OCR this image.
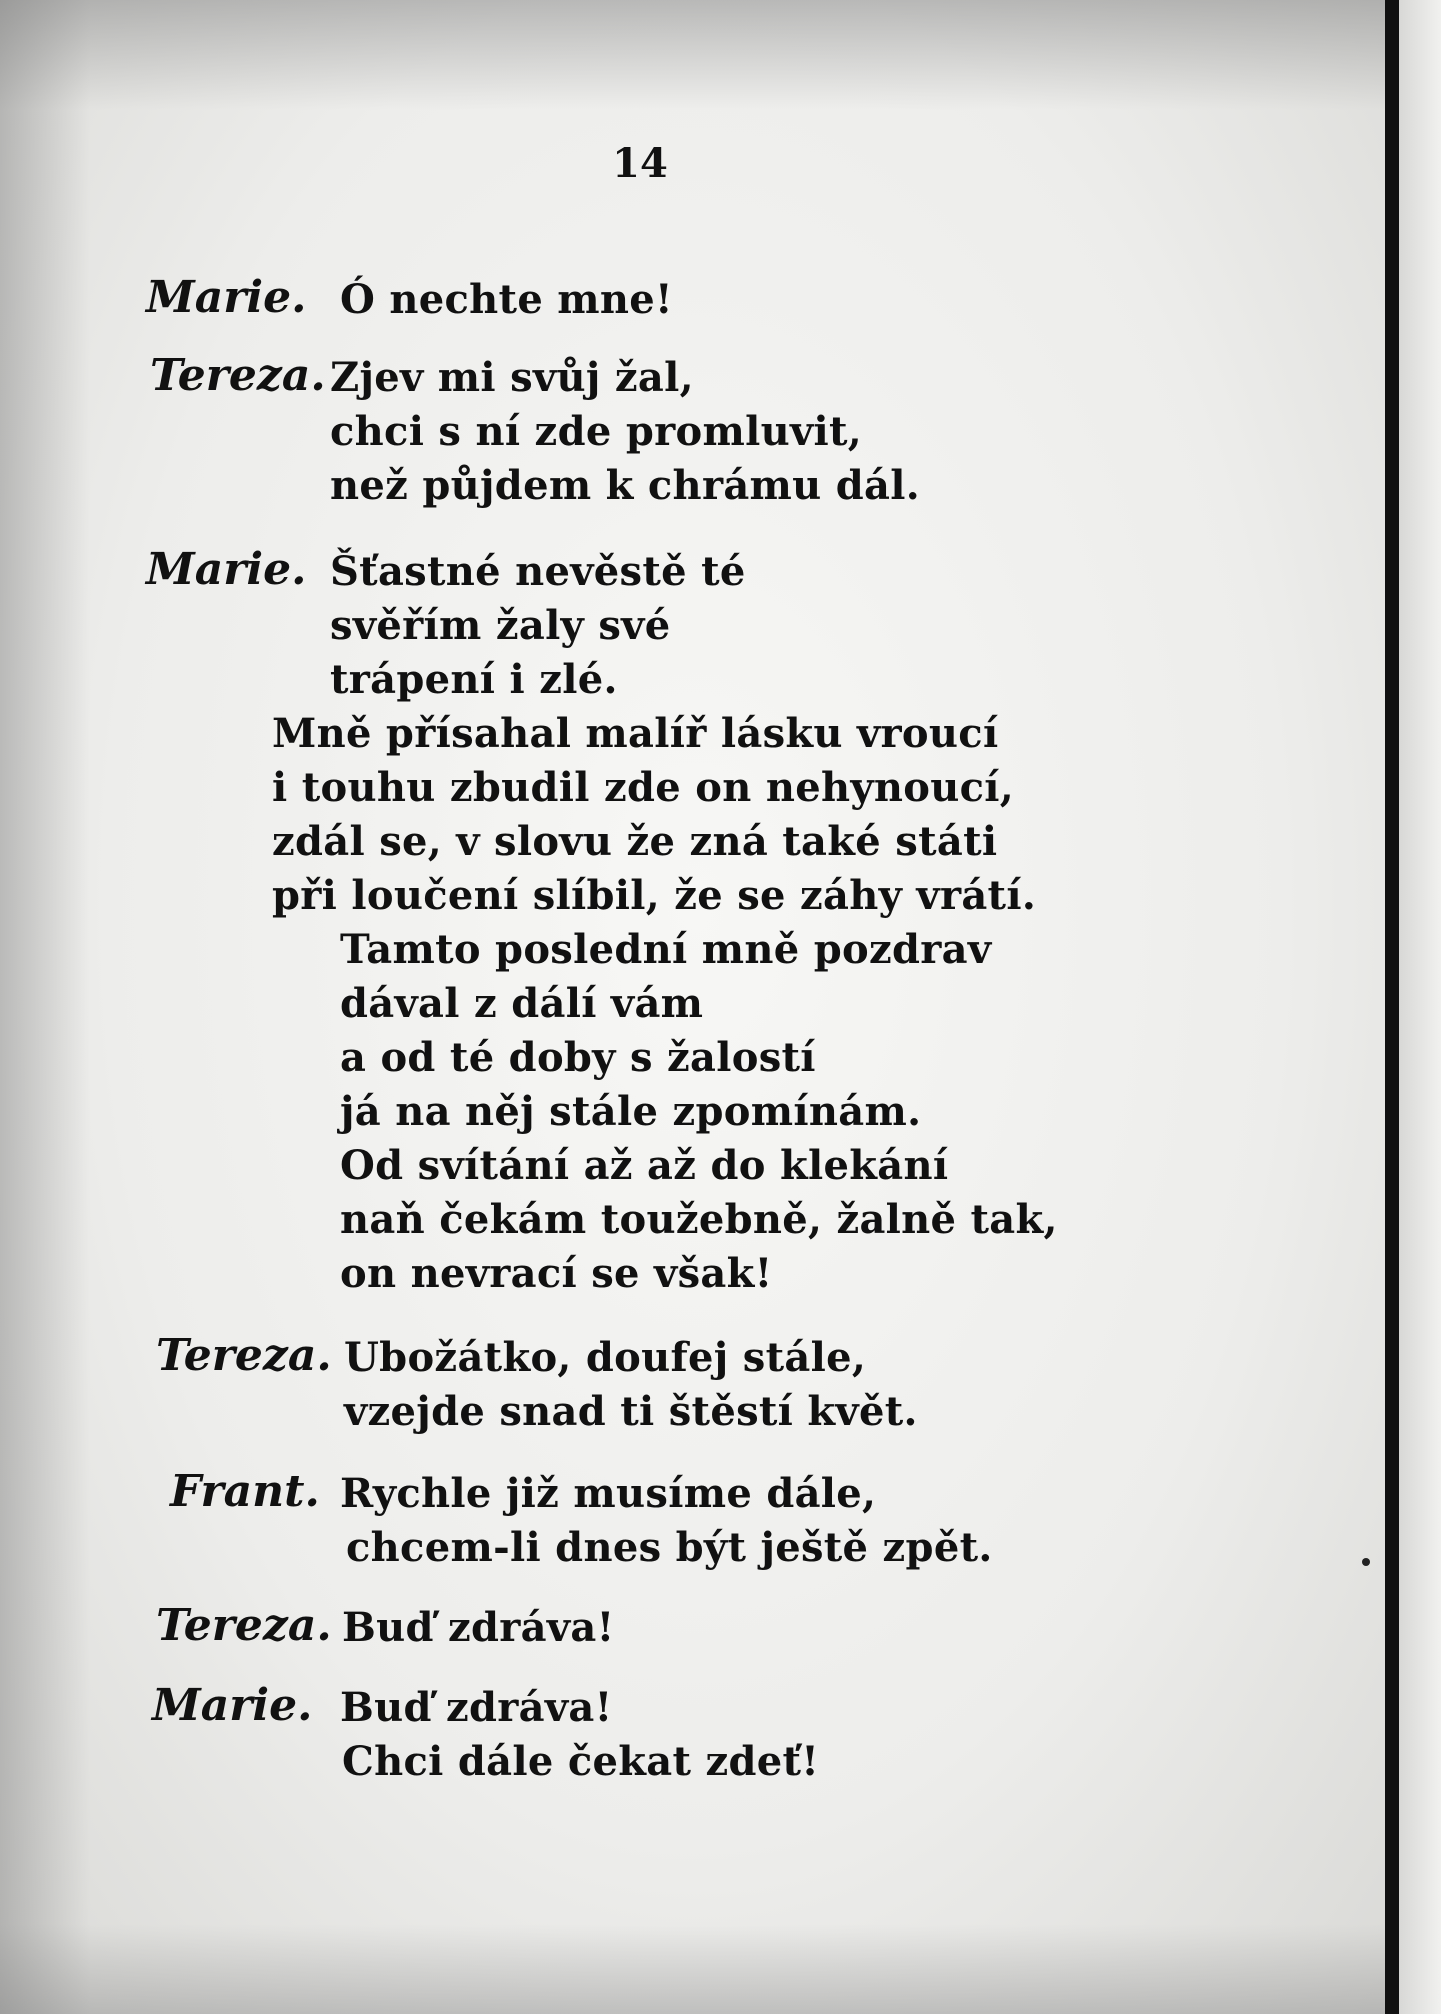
14
Marie. Ó nechte mne!
Tereza. Zjev mi svůj žal,
chci s ní zde promluvit,
než půjdem k chrámu dál.
Marie. Šťastné nevěstě té
svěřím žaly své
trápení i zlé.
Mně přísahal malíř lásku vroucí
i touhu zbudil zde on nehynoucí,
zdál se, v slovu že zná také státi
při loučení slíbil, že se záhy vrátí.
Tamto poslední mně pozdrav
dával z dálí vám
a od té doby s žalostí
já na něj stále zpomínám.
Od svítání až až do klekání
naň čekám toužebně, žalně tak,
on nevrací se však!
Tereza. Ubožátko, doufej stále,
vzejde snad ti štěstí květ.
Frant. Rychle již musíme dále,
chcem-li dnes být ještě zpět.
Tereza. Buď zdráva!
Marie. Buď zdráva!
Chci dále čekat zdeť!
